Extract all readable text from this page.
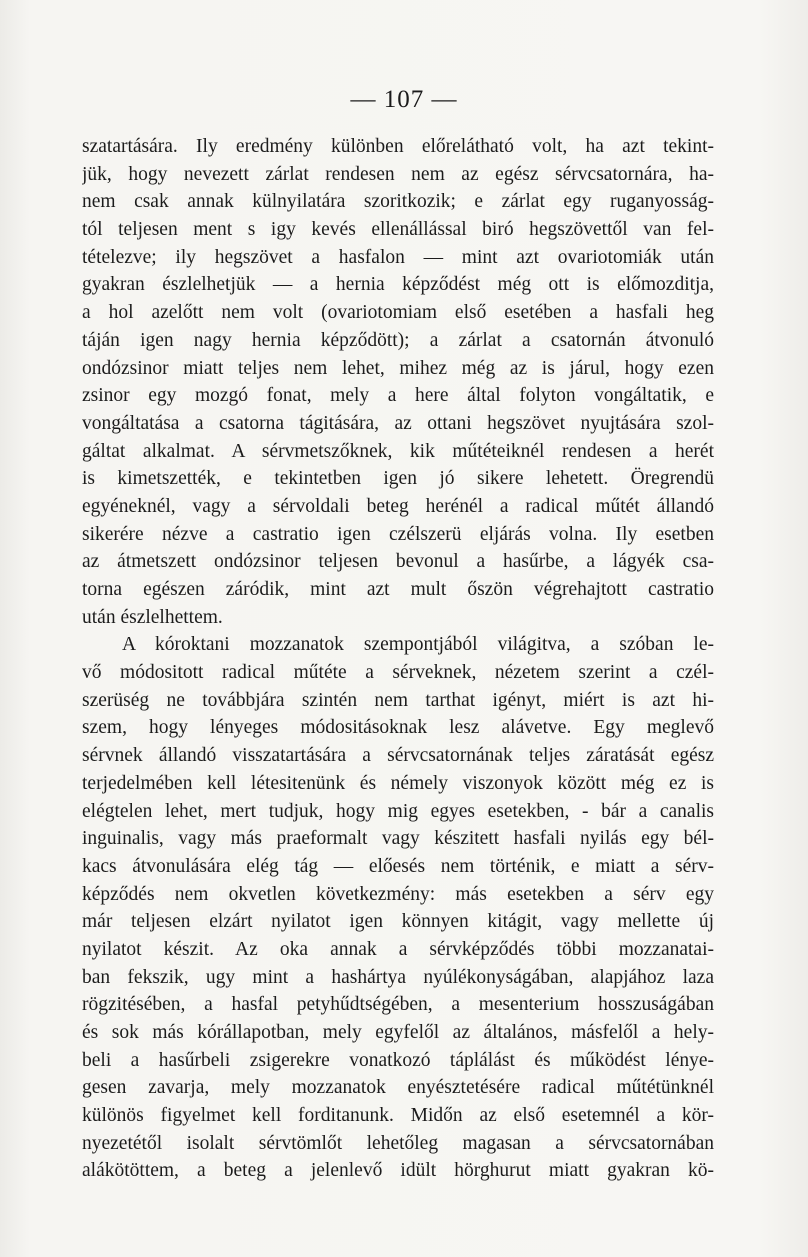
— 107 —
szatartására. Ily eredmény különben előrelátható volt, ha azt tekint-
jük, hogy nevezett zárlat rendesen nem az egész sérvcsatornára, ha-
nem csak annak külnyilatára szoritkozik; e zárlat egy ruganyosság-
tól teljesen ment s igy kevés ellenállással biró hegszövettől van fel-
tételezve; ily hegszövet a hasfalon — mint azt ovariotomiák után
gyakran észlelhetjük — a hernia képződést még ott is előmozditja,
a hol azelőtt nem volt (ovariotomiam első esetében a hasfali heg
táján igen nagy hernia képződött); a zárlat a csatornán átvonuló
ondózsinor miatt teljes nem lehet, mihez még az is járul, hogy ezen
zsinor egy mozgó fonat, mely a here által folyton vongáltatik, e
vongáltatása a csatorna tágitására, az ottani hegszövet nyujtására szol-
gáltat alkalmat. A sérvmetszőknek, kik műtéteiknél rendesen a herét
is kimetszették, e tekintetben igen jó sikere lehetett. Öregrendü
egyéneknél, vagy a sérvoldali beteg herénél a radical műtét állandó
sikerére nézve a castratio igen czélszerü eljárás volna. Ily esetben
az átmetszett ondózsinor teljesen bevonul a hasűrbe, a lágyék csa-
torna egészen záródik, mint azt mult őszön végrehajtott castratio
után észlelhettem.
A kóroktani mozzanatok szempontjából világitva, a szóban le-
vő módositott radical műtéte a sérveknek, nézetem szerint a czél-
szerüség ne továbbjára szintén nem tarthat igényt, miért is azt hi-
szem, hogy lényeges módositásoknak lesz alávetve. Egy meglevő
sérvnek állandó visszatartására a sérvcsatornának teljes záratását egész
terjedelmében kell létesitenünk és némely viszonyok között még ez is
elégtelen lehet, mert tudjuk, hogy mig egyes esetekben, - bár a canalis
inguinalis, vagy más praeformalt vagy készitett hasfali nyilás egy bél-
kacs átvonulására elég tág — előesés nem történik, e miatt a sérv-
képződés nem okvetlen következmény: más esetekben a sérv egy
már teljesen elzárt nyilatot igen könnyen kitágit, vagy mellette új
nyilatot készit. Az oka annak a sérvképződés többi mozzanatai-
ban fekszik, ugy mint a hashártya nyúlékonyságában, alapjához laza
rögzitésében, a hasfal petyhűdtségében, a mesenterium hosszuságában
és sok más kórállapotban, mely egyfelől az általános, másfelől a hely-
beli a hasűrbeli zsigerekre vonatkozó táplálást és működést lénye-
gesen zavarja, mely mozzanatok enyésztetésére radical műtétünknél
különös figyelmet kell forditanunk. Midőn az első esetemnél a kör-
nyezetétől isolalt sérvtömlőt lehetőleg magasan a sérvcsatornában
alákötöttem, a beteg a jelenlevő idült hörghurut miatt gyakran kö-
